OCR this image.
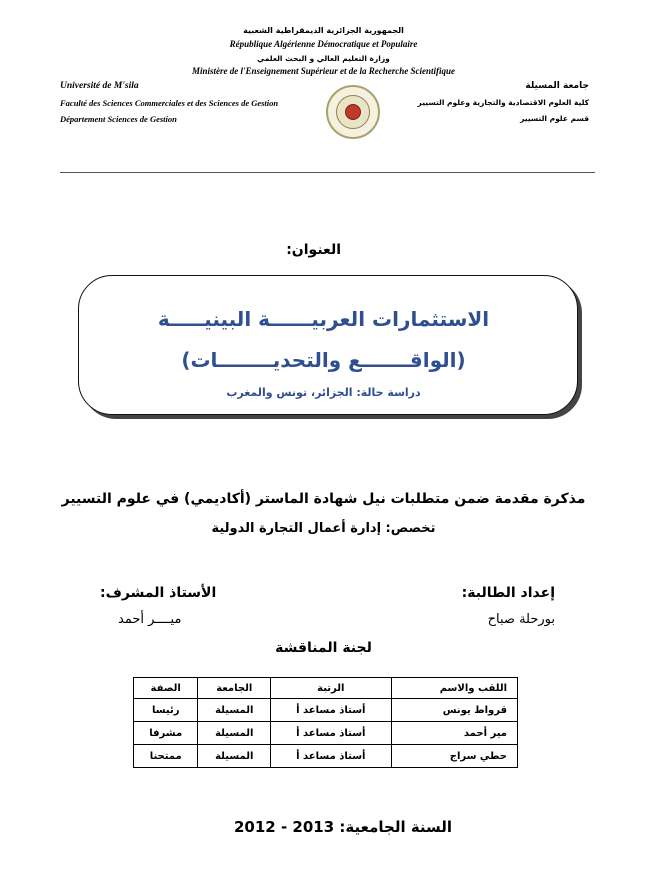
الجمهورية الجزائرية الديمقراطية الشعبية
République Algérienne Démocratique et Populaire
وزارة التعليم العالي و البحث العلمي
Ministère de l'Enseignement Supérieur et de la Recherche Scientifique
Université de M'sila
Faculté des Sciences Commerciales et des Sciences de Gestion
Département Sciences de Gestion
جامعة المسيلة
كلية العلوم الاقتصادية والتجارية وعلوم التسيير
قسم علوم التسيير
العنوان:
الاستثمارات العربيــــــة البينيـــــة
(الواقـــــــع والتحديــــــــات)
دراسة حالة: الجزائر، تونس والمغرب
مذكرة مقدمة ضمن متطلبات نيل شهادة الماستر (أكاديمي) في علوم التسيير
تخصص: إدارة أعمال التجارة الدولية
إعداد الطالبة:
بورحلة صباح
الأستاذ المشرف:
ميــــر أحمد
لجنة المناقشة
اللقب والاسم	الرتبة	الجامعة	الصفة
قرواط يونس	أستاذ مساعد أ	المسيلة	رئيسا
مير أحمد	أستاذ مساعد أ	المسيلة	مشرفا
حطي سراج	أستاذ مساعد أ	المسيلة	ممتحنا
السنة الجامعية: 2012 - 2013
